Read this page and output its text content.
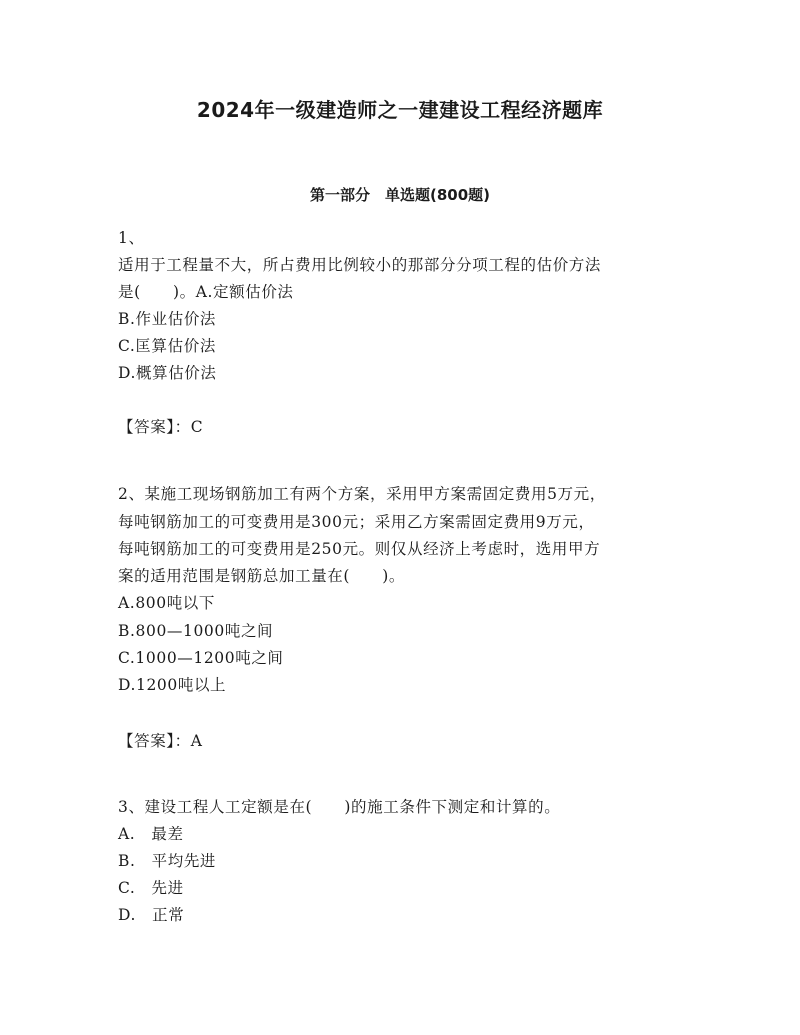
2024年一级建造师之一建建设工程经济题库
第一部分　单选题(800题)
1、
适用于工程量不大，所占费用比例较小的那部分分项工程的估价方法
是(　　)。A.定额估价法
B.作业估价法
C.匡算估价法
D.概算估价法
【答案】：C
2、某施工现场钢筋加工有两个方案，采用甲方案需固定费用5万元，
每吨钢筋加工的可变费用是300元；采用乙方案需固定费用9万元，
每吨钢筋加工的可变费用是250元。则仅从经济上考虑时，选用甲方
案的适用范围是钢筋总加工量在(　　)。
A.800吨以下
B.800—1000吨之间
C.1000—1200吨之间
D.1200吨以上
【答案】：A
3、建设工程人工定额是在(　　)的施工条件下测定和计算的。
A.　最差
B.　平均先进
C.　先进
D.　正常
